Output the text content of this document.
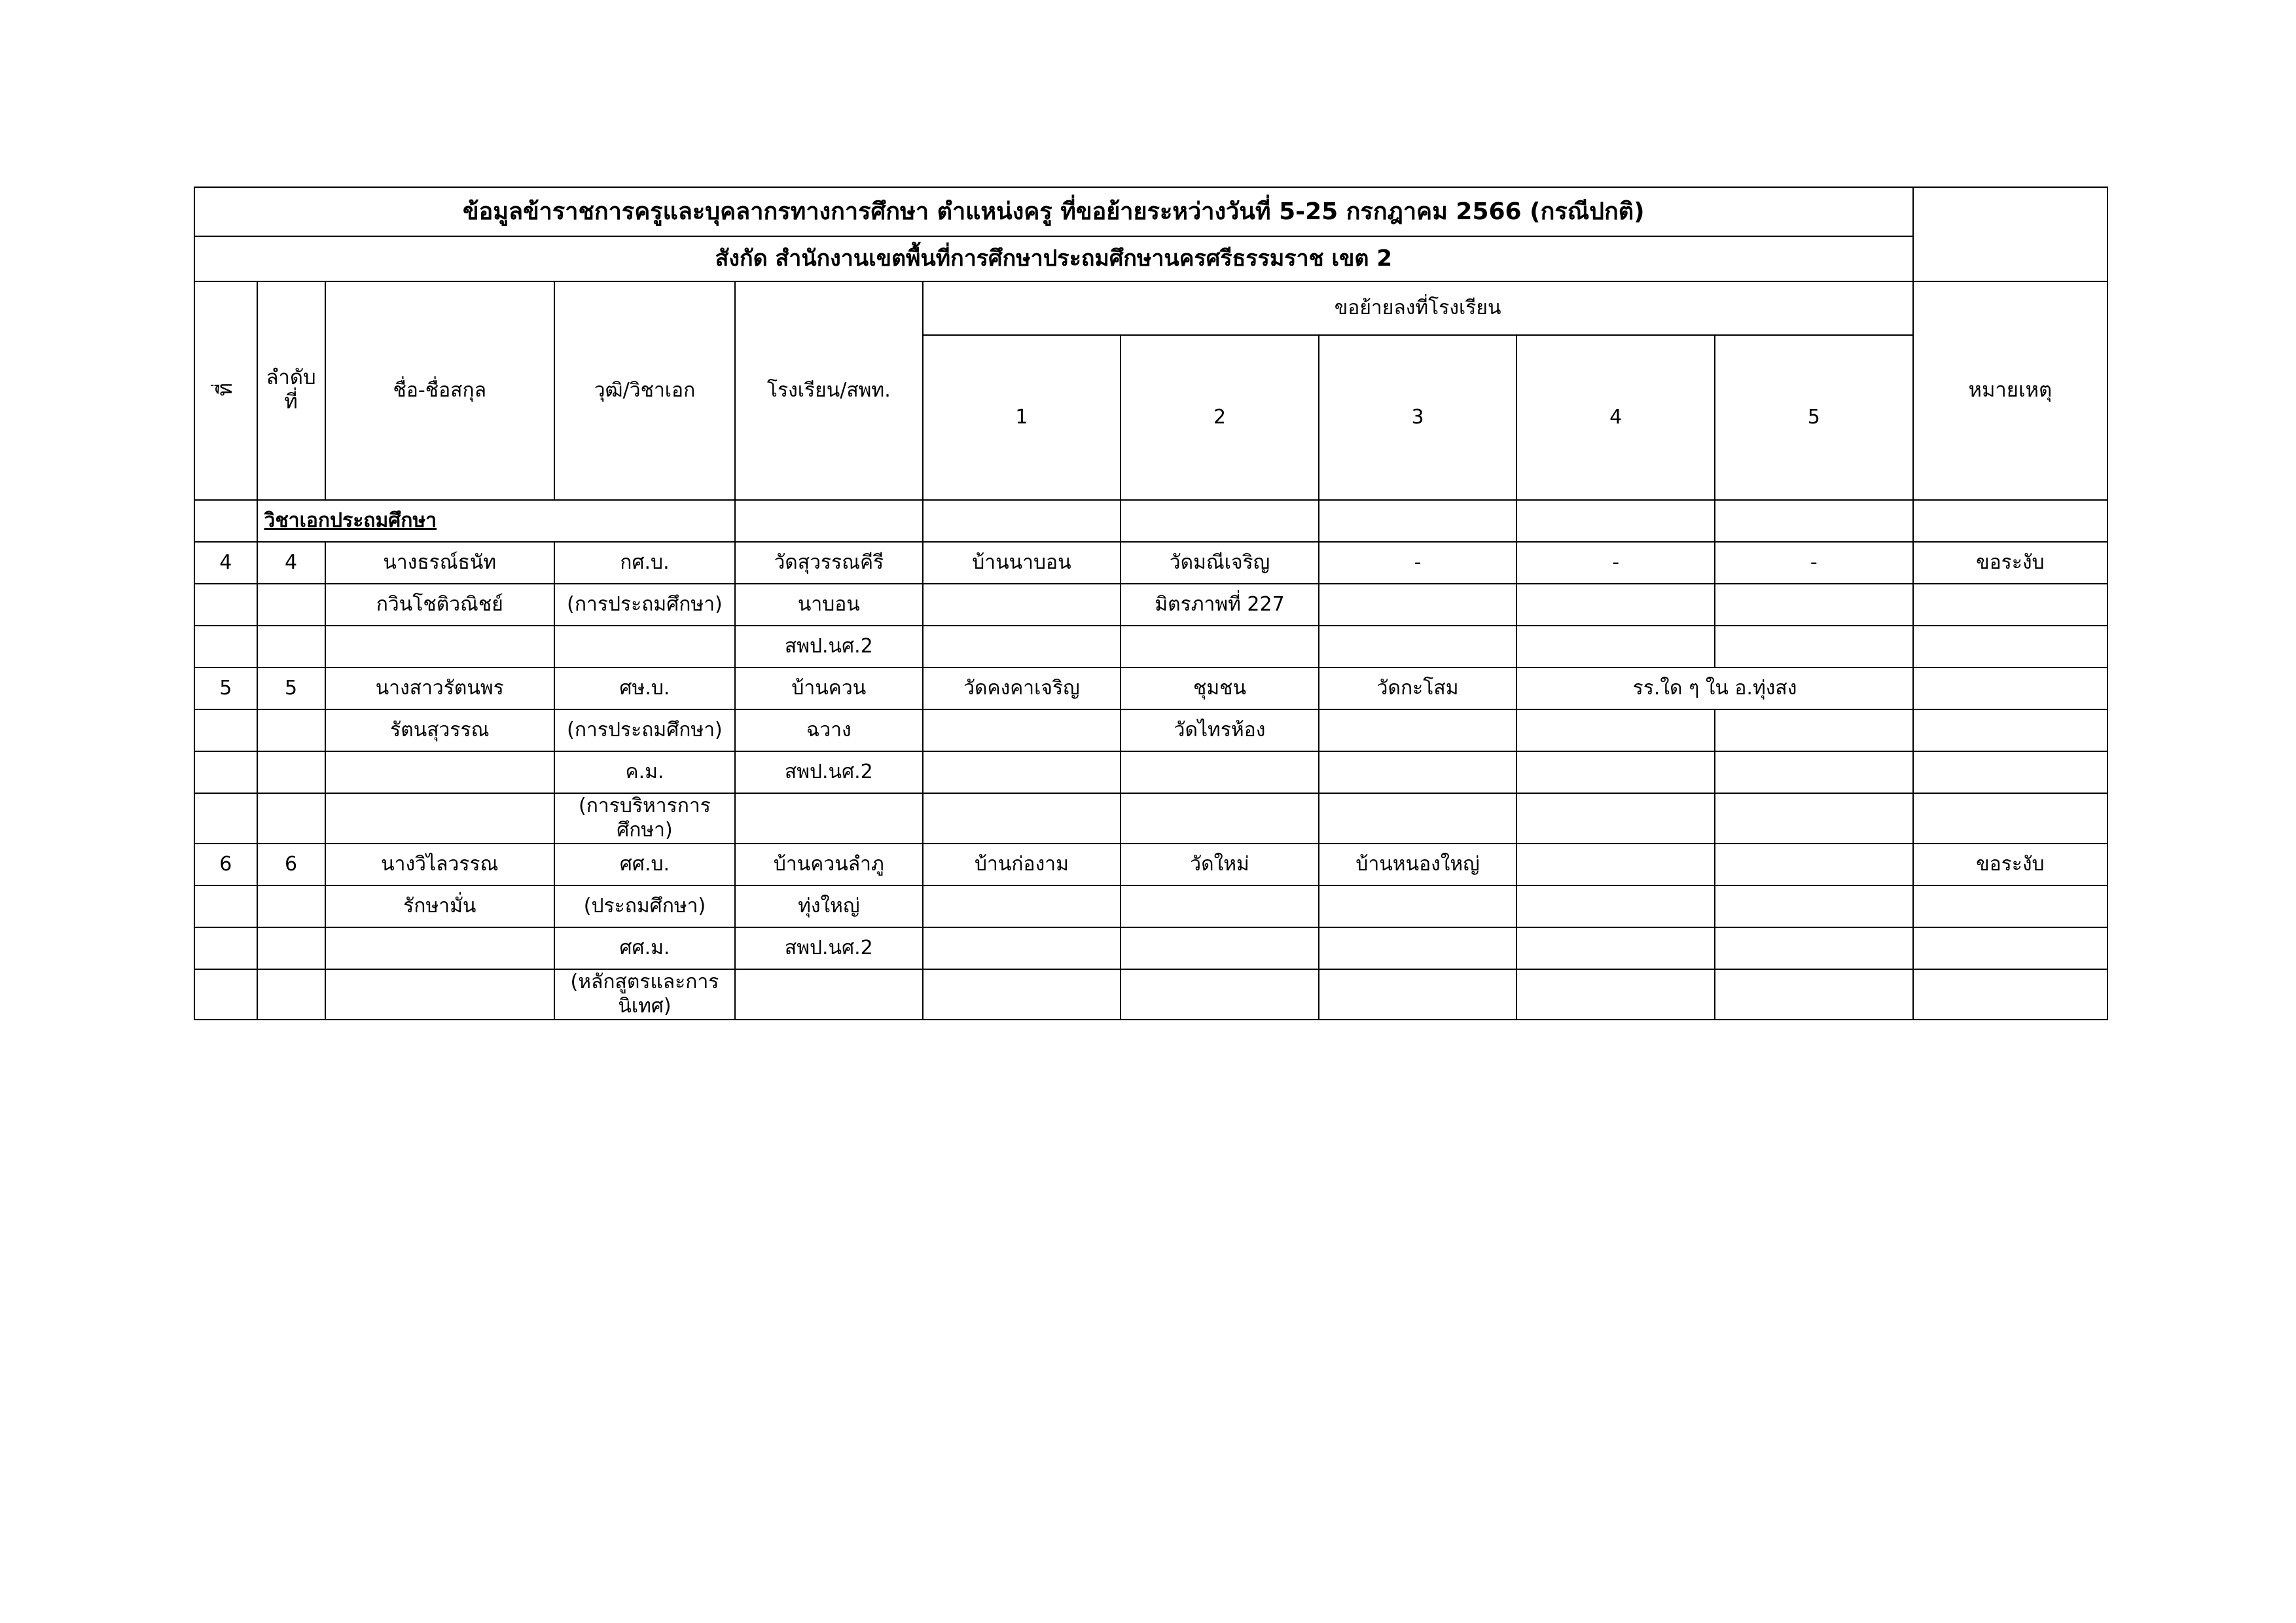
ข้อมูลข้าราชการครูและบุคลากรทางการศึกษา ตำแหน่งครู ที่ขอย้ายระหว่างวันที่ 5-25 กรกฎาคม 2566 (กรณีปกติ)										
สังกัด สำนักงานเขตพื้นที่การศึกษาประถมศึกษานครศรีธรรมราช เขต 2										
ที่	ลำดับที่	ชื่อ-ชื่อสกุล	วุฒิ/วิชาเอก	โรงเรียน/สพท.	ขอย้ายลงที่โรงเรียน					หมายเหตุ
					1	2	3	4	5	
	วิชาเอกประถมศึกษา									
4	4	นางธรณ์ธนัท	กศ.บ.	วัดสุวรรณคีรี	บ้านนาบอน	วัดมณีเจริญ	-	-	-	ขอระงับ
		กวินโชติวณิชย์	(การประถมศึกษา)	นาบอน		มิตรภาพที่ 227				
				สพป.นศ.2						
5	5	นางสาวรัตนพร	ศษ.บ.	บ้านควน	วัดคงคาเจริญ	ชุมชน	วัดกะโสม	รร.ใด ๆ ใน อ.ทุ่งสง		
		รัตนสุวรรณ	(การประถมศึกษา)	ฉวาง		วัดไทรห้อง				
			ค.ม.	สพป.นศ.2						
			(การบริหารการศึกษา)							
6	6	นางวิไลวรรณ	ศศ.บ.	บ้านควนลำภู	บ้านก่องาม	วัดใหม่	บ้านหนองใหญ่			ขอระงับ
		รักษามั่น	(ประถมศึกษา)	ทุ่งใหญ่						
			ศศ.ม.	สพป.นศ.2						
			(หลักสูตรและการนิเทศ)							
